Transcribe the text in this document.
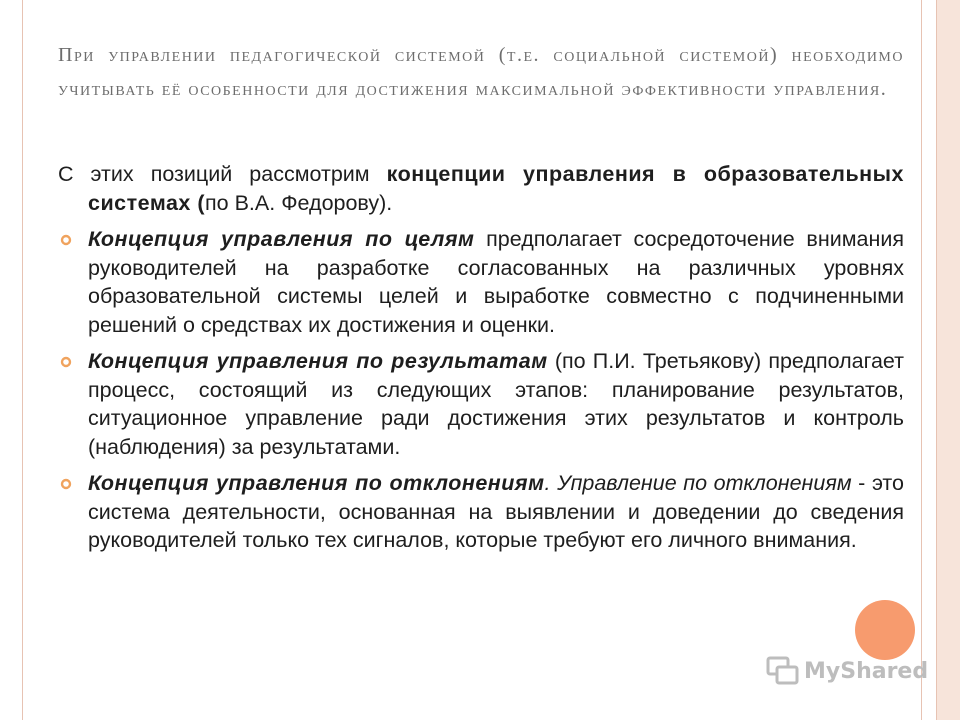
При управлении педагогической системой (т.е. социальной системой) необходимо учитывать её особенности для достижения максимальной эффективности управления.

С этих позиций рассмотрим концепции управления в образовательных системах (по В.А. Федорову).

Концепция управления по целям предполагает сосредоточение внимания руководителей на разработке согласованных на различных уровнях образовательной системы целей и выработке совместно с подчиненными решений о средствах их достижения и оценки.
Концепция управления по результатам (по П.И. Третьякову) предполагает процесс, состоящий из следующих этапов: планирование результатов, ситуационное управление ради достижения этих результатов и контроль (наблюдения) за результатами.
Концепция управления по отклонениям. Управление по отклонениям - это система деятельности, основанная на выявлении и доведении до сведения руководителей только тех сигналов, которые требуют его личного внимания.
MyShared
